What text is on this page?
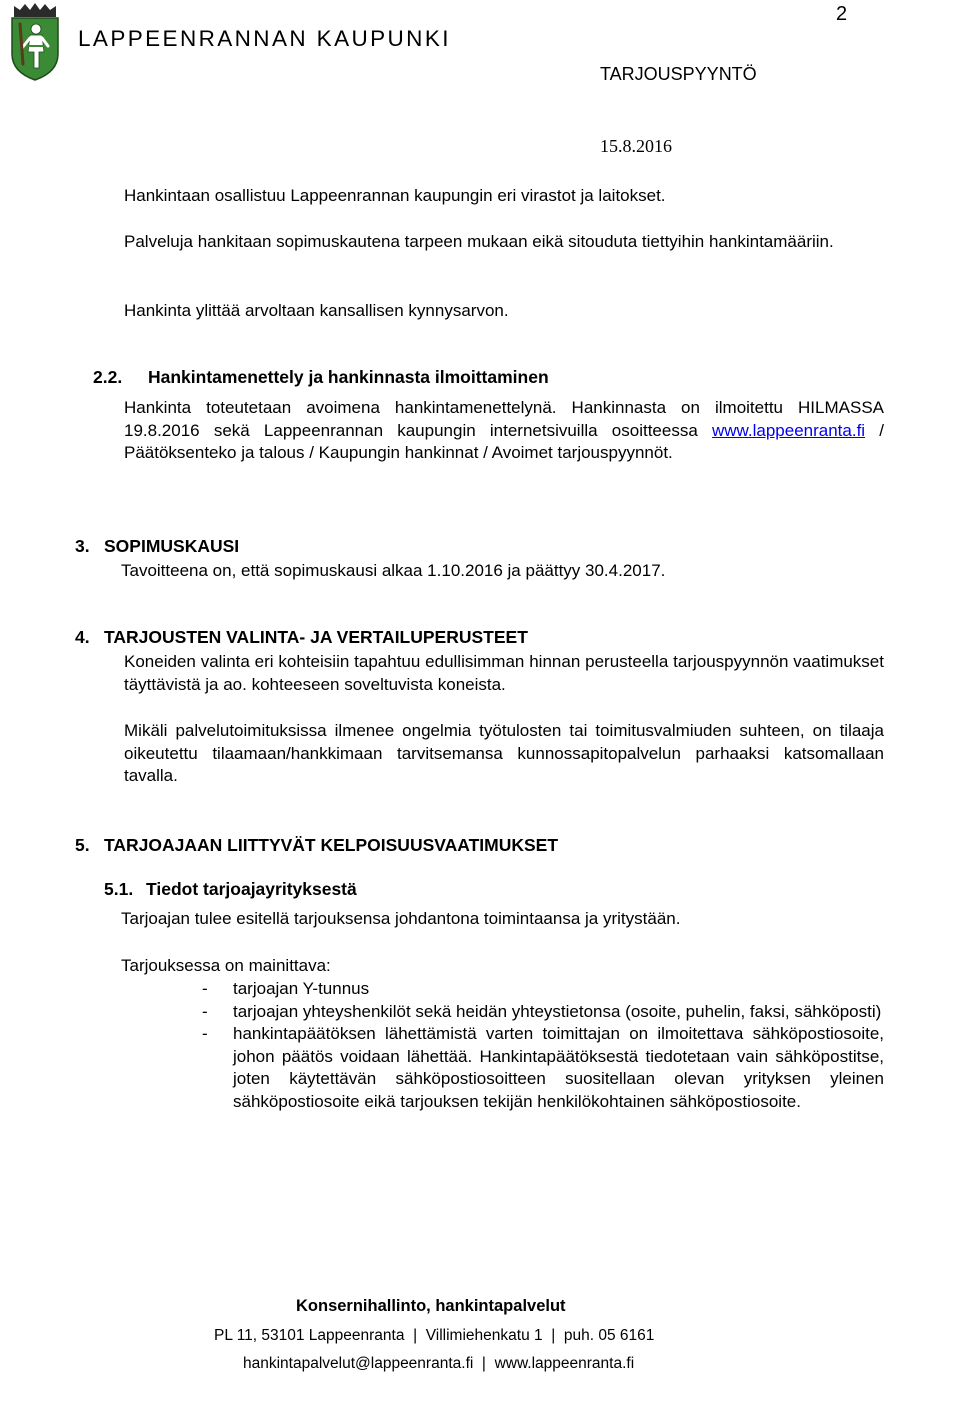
LAPPEENRANNAN KAUPUNKI
2
TARJOUSPYYNTÖ
15.8.2016
Hankintaan osallistuu Lappeenrannan kaupungin eri virastot ja laitokset.
Palveluja hankitaan sopimuskautena tarpeen mukaan eikä sitouduta tiettyihin hankintamääriin.
Hankinta ylittää arvoltaan kansallisen kynnysarvon.
2.2. Hankintamenettely ja hankinnasta ilmoittaminen
Hankinta toteutetaan avoimena hankintamenettelynä. Hankinnasta on ilmoitettu HILMASSA 19.8.2016 sekä Lappeenrannan kaupungin internetsivuilla osoitteessa www.lappeenranta.fi / Päätöksenteko ja talous / Kaupungin hankinnat / Avoimet tarjouspyynnöt.
3. SOPIMUSKAUSI
Tavoitteena on, että sopimuskausi alkaa 1.10.2016 ja päättyy 30.4.2017.
4. TARJOUSTEN VALINTA- JA VERTAILUPERUSTEET
Koneiden valinta eri kohteisiin tapahtuu edullisimman hinnan perusteella tarjouspyynnön vaatimukset täyttävistä ja ao. kohteeseen soveltuvista koneista.
Mikäli palvelutoimituksissa ilmenee ongelmia työtulosten tai toimitusvalmiuden suhteen, on tilaaja oikeutettu tilaamaan/hankkimaan tarvitsemansa kunnossapitopalvelun parhaaksi katsomallaan tavalla.
5. TARJOAJAAN LIITTYVÄT KELPOISUUSVAATIMUKSET
5.1. Tiedot tarjoajayrityksestä
Tarjoajan tulee esitellä tarjouksensa johdantona toimintaansa ja yritystään.
Tarjouksessa on mainittava:
- tarjoajan Y-tunnus
- tarjoajan yhteyshenkilöt sekä heidän yhteystietonsa (osoite, puhelin, faksi, sähköposti)
- hankintapäätöksen lähettämistä varten toimittajan on ilmoitettava sähköpostiosoite, johon päätös voidaan lähettää. Hankintapäätöksestä tiedotetaan vain sähköpostitse, joten käytettävän sähköpostiosoitteen suositellaan olevan yrityksen yleinen sähköpostiosoite eikä tarjouksen tekijän henkilökohtainen sähköpostiosoite.
Konsernihallinto, hankintapalvelut
PL 11, 53101 Lappeenranta  |  Villimiehenkatu 1  |  puh. 05 6161
hankintapalvelut@lappeenranta.fi  |  www.lappeenranta.fi
